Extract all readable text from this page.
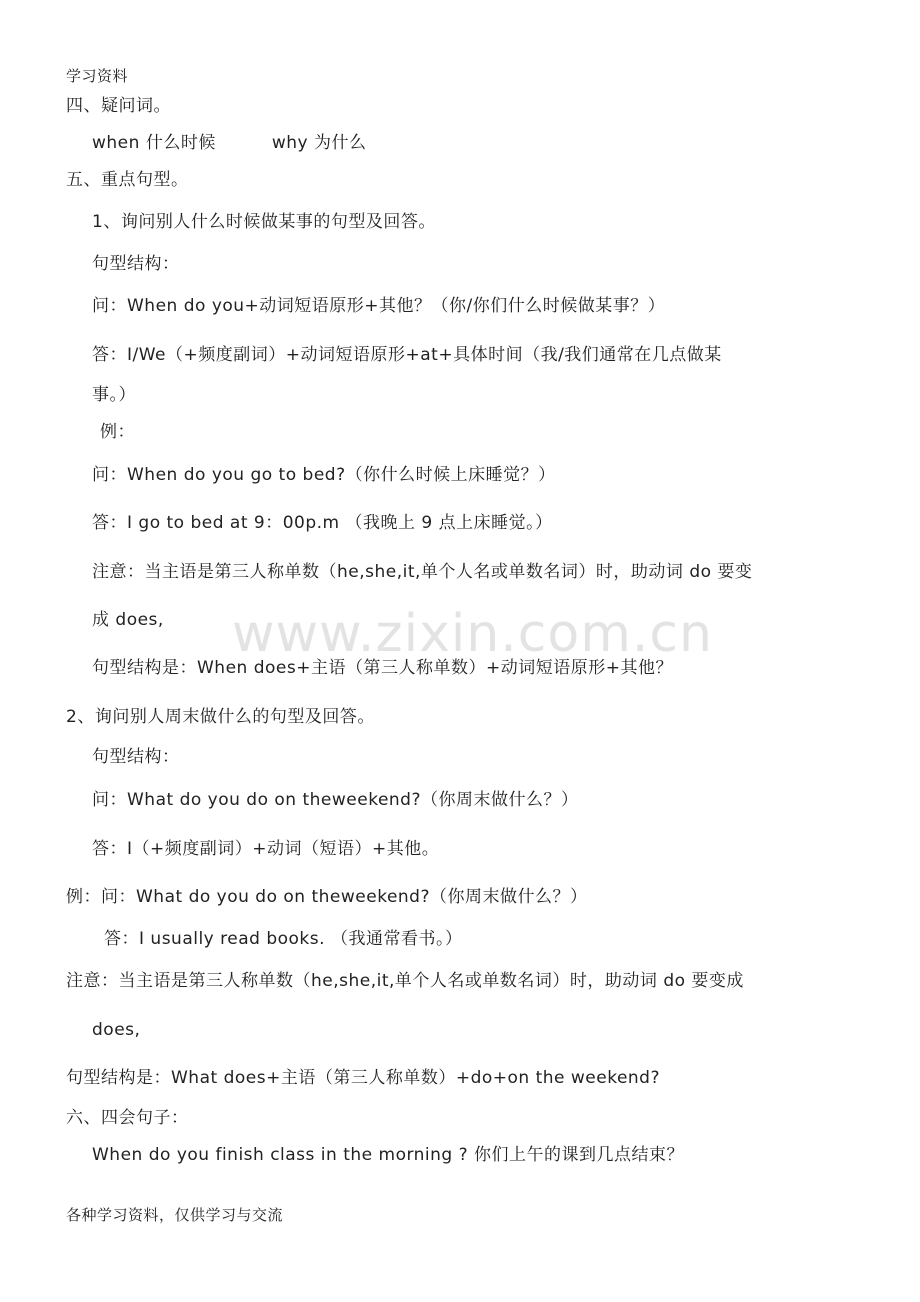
学习资料
四、疑问词。
when 什么时候	why 为什么
五、重点句型。
1、询问别人什么时候做某事的句型及回答。
句型结构：
问：When do you+动词短语原形+其他？（你/你们什么时候做某事？）
答：I/We（+频度副词）+动词短语原形+at+具体时间（我/我们通常在几点做某
事。）
例：
问：When do you go to bed?（你什么时候上床睡觉？）
答：I go to bed at 9：00p.m （我晚上 9 点上床睡觉。）
注意：当主语是第三人称单数（he,she,it,单个人名或单数名词）时，助动词 do 要变
成 does,
句型结构是：When does+主语（第三人称单数）+动词短语原形+其他？
2、询问别人周末做什么的句型及回答。
句型结构：
问：What do you do on theweekend?（你周末做什么？）
答：I（+频度副词）+动词（短语）+其他。
例：问：What do you do on theweekend?（你周末做什么？）
答：I usually read books. （我通常看书。）
注意：当主语是第三人称单数（he,she,it,单个人名或单数名词）时，助动词 do 要变成
does,
句型结构是：What does+主语（第三人称单数）+do+on the weekend?
六、四会句子：
When do you finish class in the morning ? 你们上午的课到几点结束？
各种学习资料，仅供学习与交流
www.zixin.com.cn
